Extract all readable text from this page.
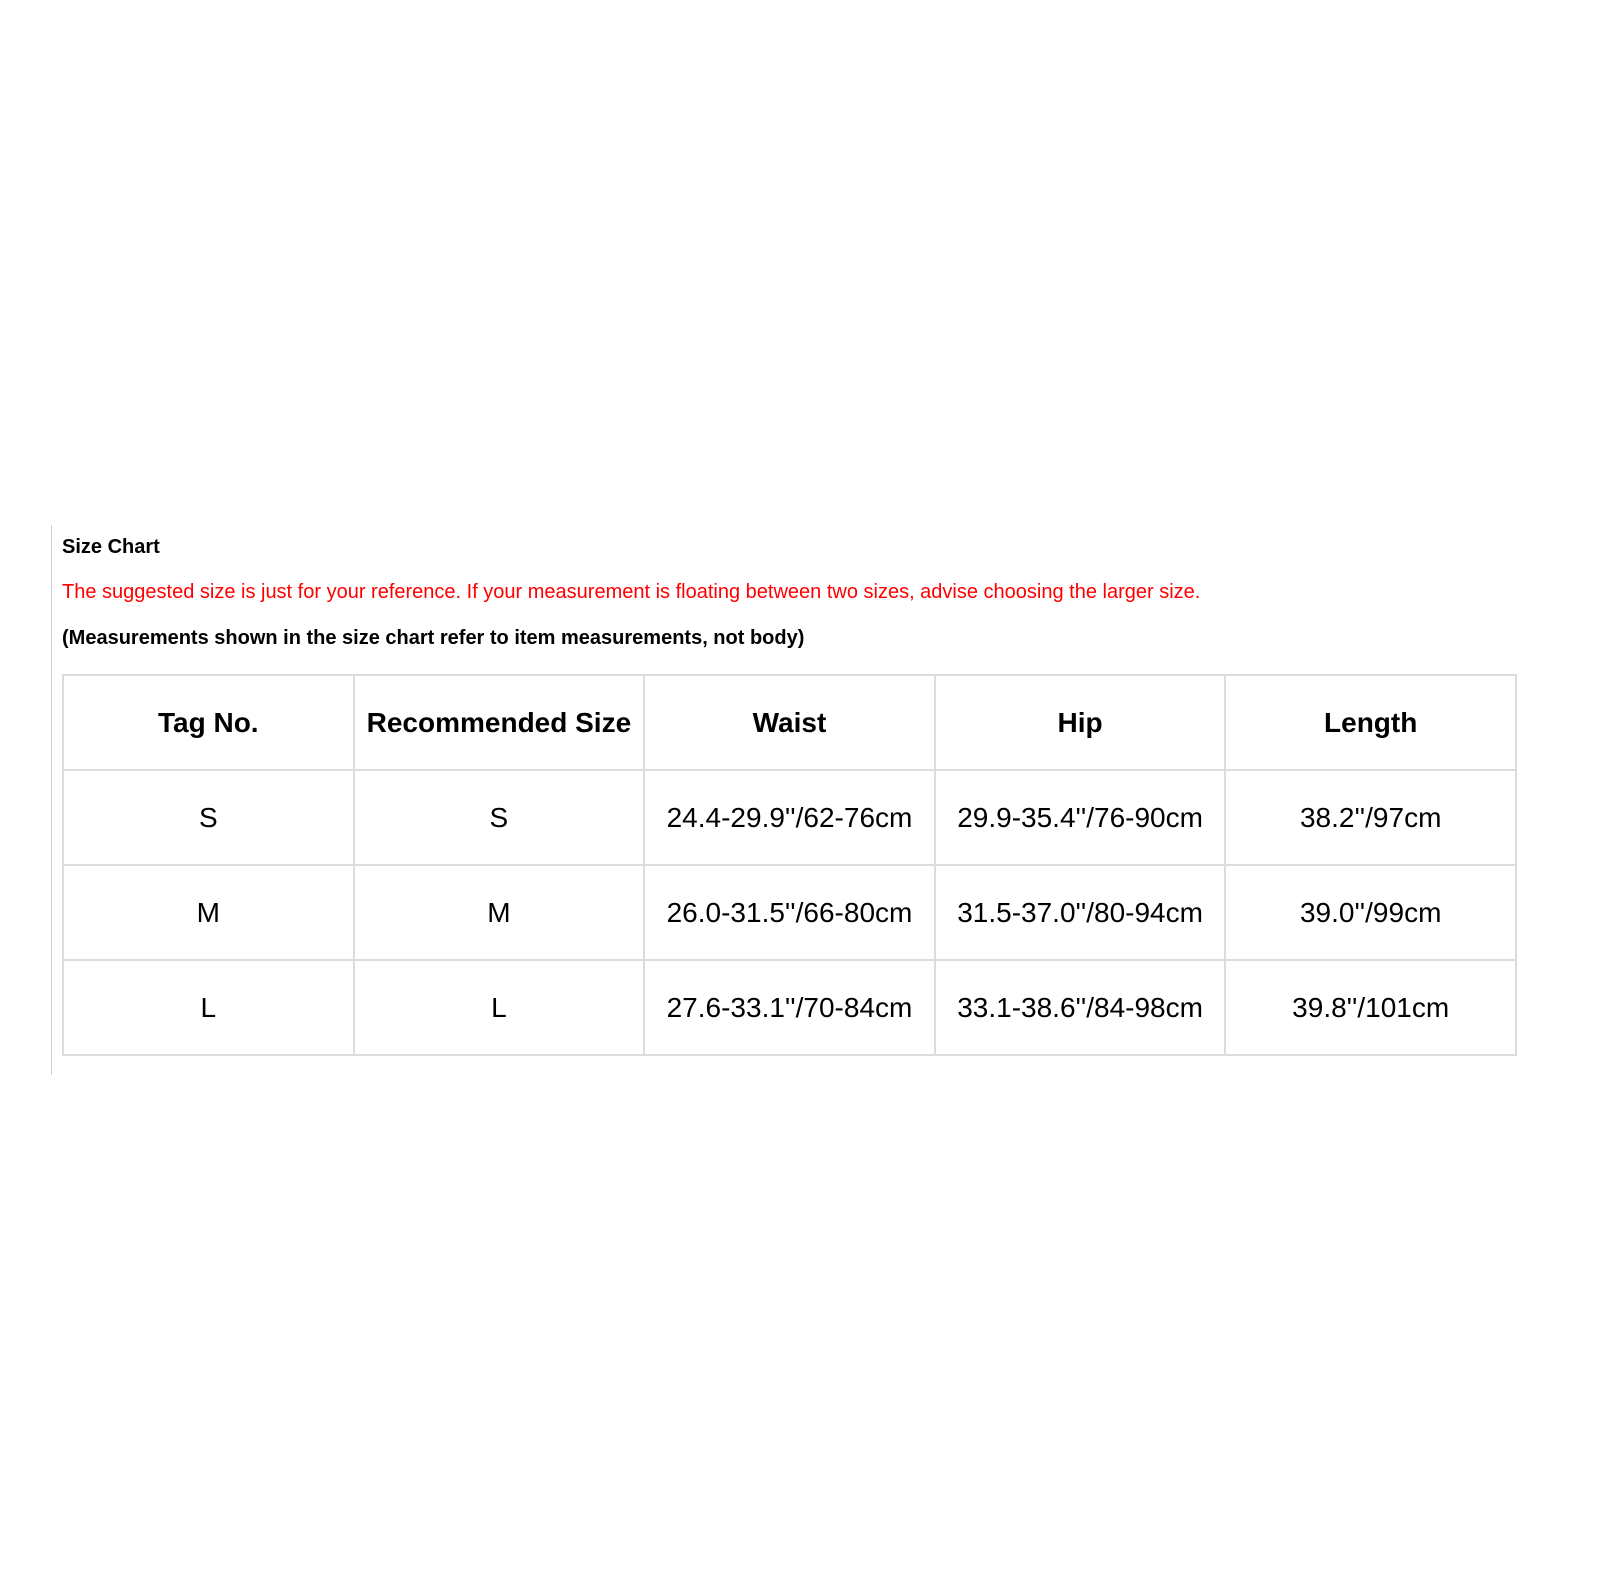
Size Chart
The suggested size is just for your reference. If your measurement is floating between two sizes, advise choosing the larger size.
(Measurements shown in the size chart refer to item measurements, not body)
Tag No.	Recommended Size	Waist	Hip	Length
S	S	24.4-29.9''/62-76cm	29.9-35.4''/76-90cm	38.2''/97cm
M	M	26.0-31.5''/66-80cm	31.5-37.0''/80-94cm	39.0''/99cm
L	L	27.6-33.1''/70-84cm	33.1-38.6''/84-98cm	39.8''/101cm
